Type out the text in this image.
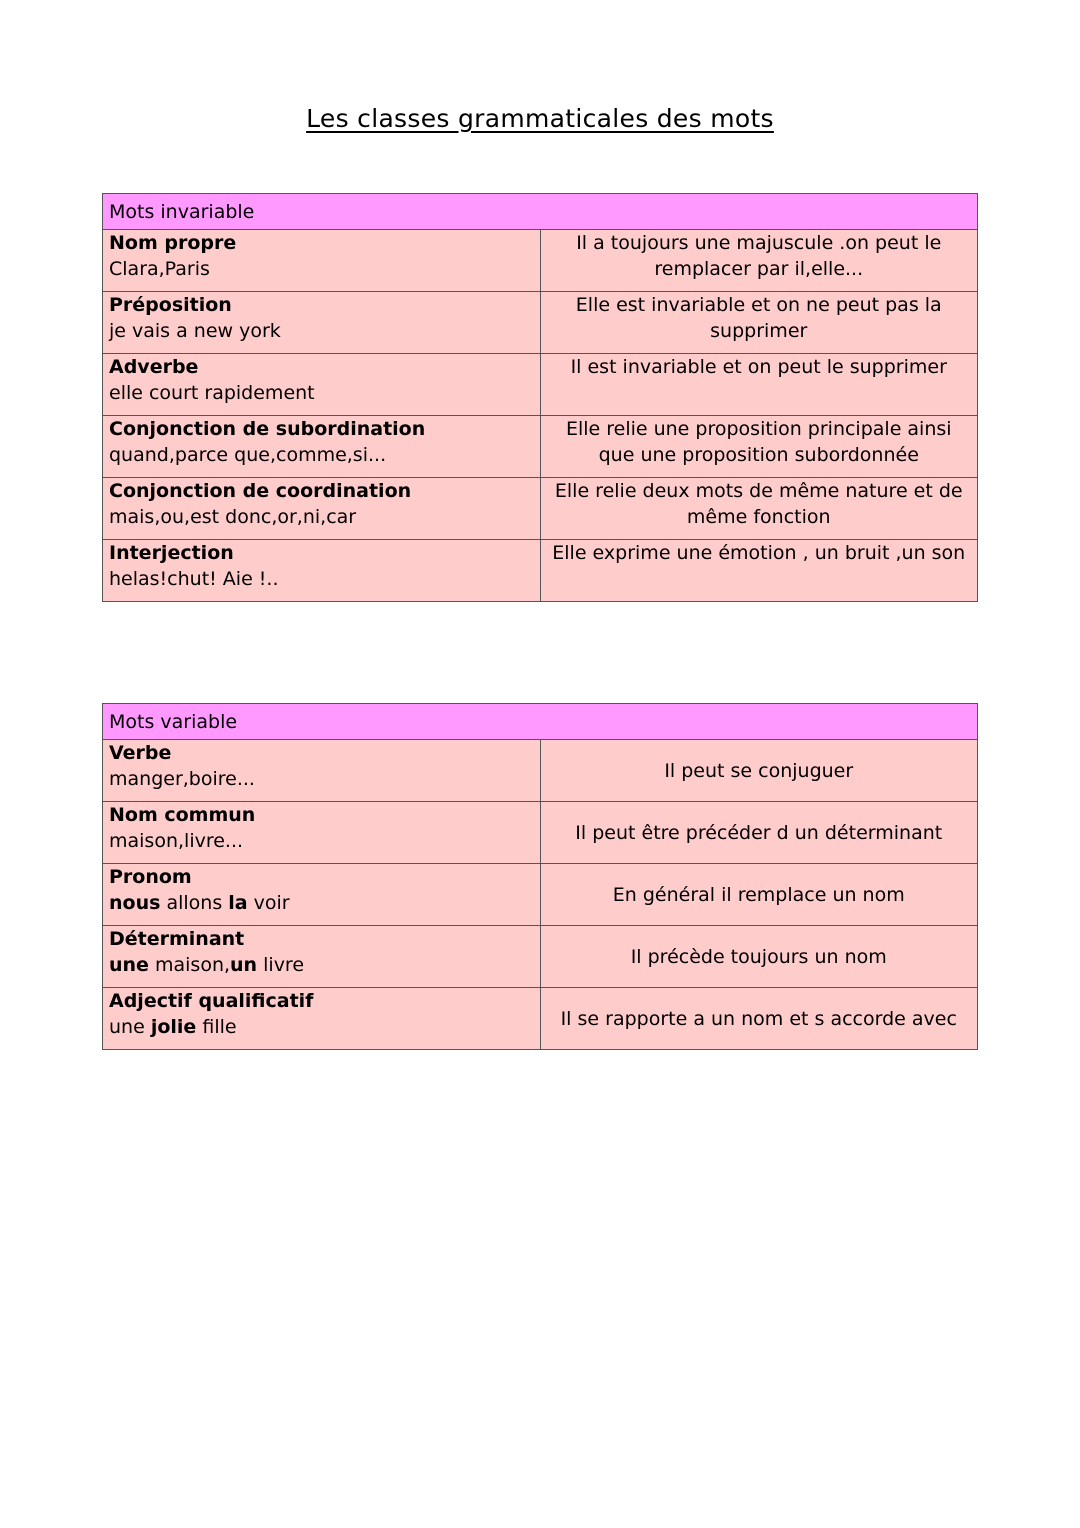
Les classes grammaticales des mots
Mots invariable	

Nom propre
Clara,Paris	Il a toujours une majuscule .on peut le remplacer par il,elle...

Préposition
je vais a new york	Elle est invariable et on ne peut pas la supprimer

Adverbe
elle court rapidement	Il est invariable et on peut le supprimer

Conjonction de subordination
quand,parce que,comme,si...	Elle relie une proposition principale ainsi que une proposition subordonnée

Conjonction de coordination
mais,ou,est donc,or,ni,car	Elle relie deux mots de même nature et de même fonction

Interjection
helas!chut! Aie !..	Elle exprime une émotion , un bruit ,un son
Mots variable	

Verbe
manger,boire...	Il peut se conjuguer

Nom commun
maison,livre...	Il peut être précéder d un déterminant

Pronom
nous allons la voir	En général il remplace un nom

Déterminant
une maison,un livre	Il précède toujours un nom

Adjectif qualificatif
une jolie fille	Il se rapporte a un nom et s accorde avec
